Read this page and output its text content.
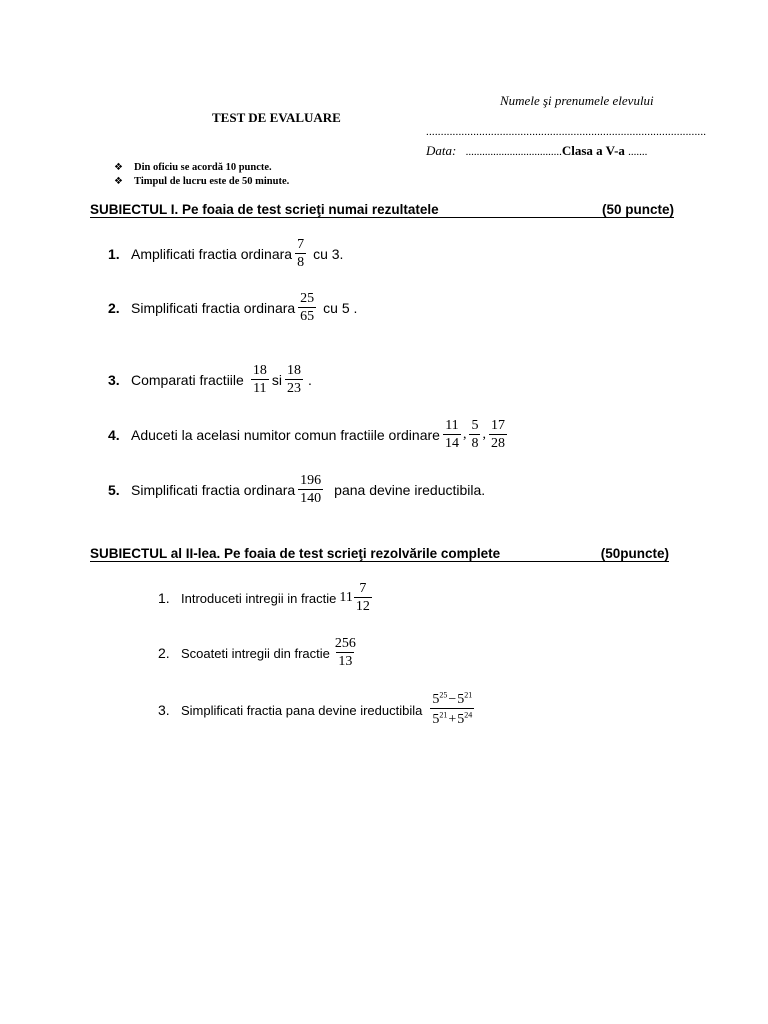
Numele şi prenumele elevului
TEST DE EVALUARE
...............................................................................................
Data: ...................................Clasa a V-a .......
❖	Din oficiu se acordă 10 puncte.
❖	Timpul de lucru este de 50 minute.
SUBIECTUL I. Pe foaia de test scrieţi numai rezultatele	(50 puncte)
1. Amplificati fractia ordinara $\frac{7}{8}$ cu 3.
2. Simplificati fractia ordinara $\frac{25}{65}$ cu 5 .
3. Comparati fractiile $\frac{18}{11}$ si $\frac{18}{23}$ .
4. Aduceti la acelasi numitor comun fractiile ordinare $\frac{11}{14}$ , $\frac{5}{8}$ , $\frac{17}{28}$
5. Simplificati fractia ordinara $\frac{196}{140}$ pana devine ireductibila.
SUBIECTUL al II-lea. Pe foaia de test scrieţi rezolvările complete	(50puncte)
1. Introduceti intregii in fractie $11 \frac{7}{12}$
2. Scoateti intregii din fractie $\frac{256}{13}$
3. Simplificati fractia pana devine ireductibila $\frac{5^{25}-5^{21}}{5^{21}+5^{24}}$
